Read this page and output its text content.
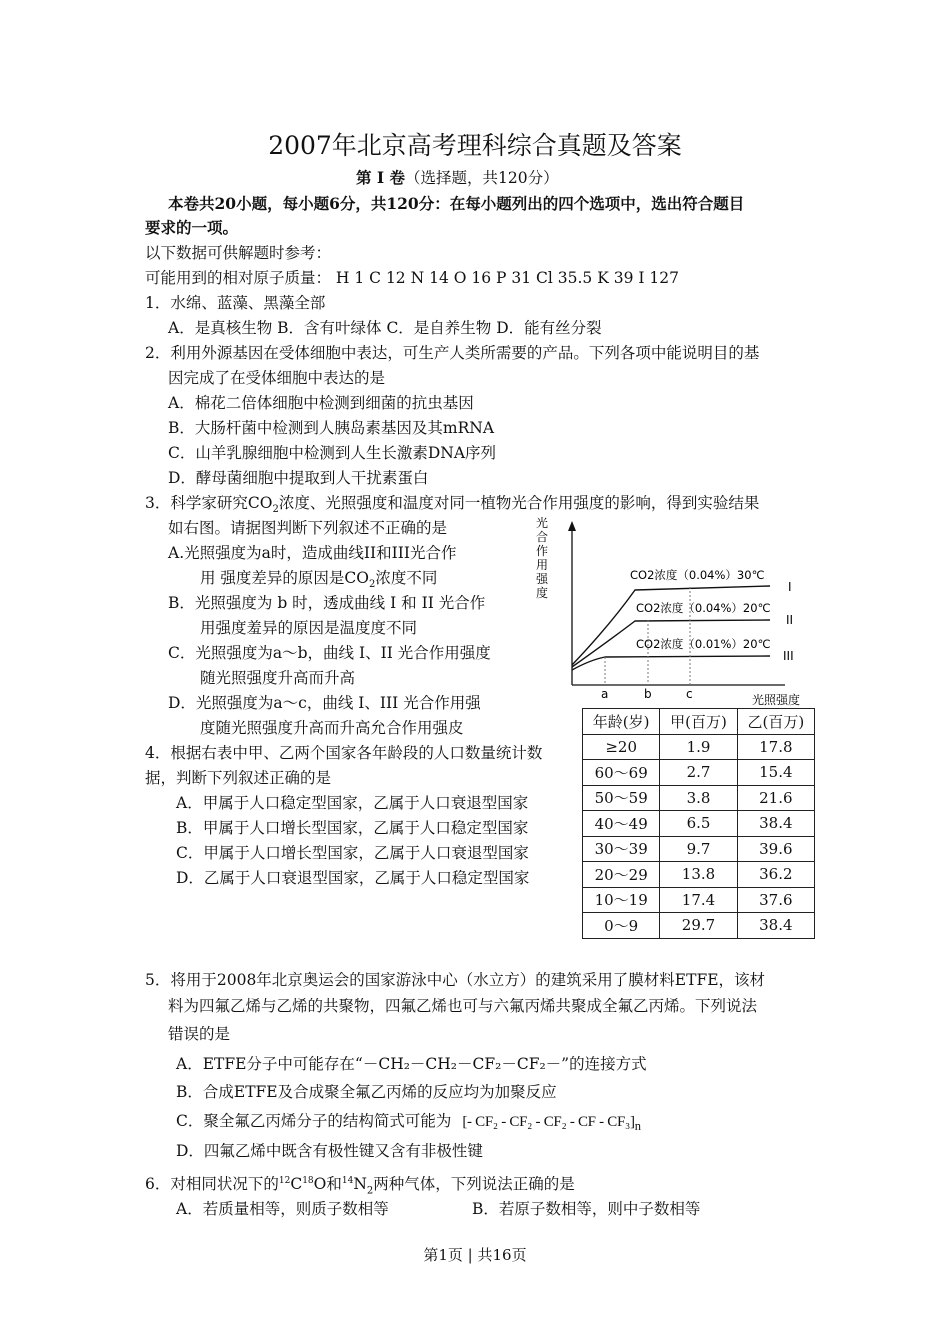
2007年北京高考理科综合真题及答案
第 I 卷（选择题，共120分）
本卷共20小题，每小题6分，共120分：在每小题列出的四个选项中，选出符合题目
要求的一项。
以下数据可供解题时参考：
可能用到的相对原子质量： H 1 C 12 N 14 O 16 P 31 Cl 35.5 K 39 I 127
1．水绵、蓝藻、黑藻全部
A．是真核生物 B．含有叶绿体 C．是自养生物 D．能有丝分裂
2．利用外源基因在受体细胞中表达，可生产人类所需要的产品。下列各项中能说明目的基
因完成了在受体细胞中表达的是
A．棉花二倍体细胞中检测到细菌的抗虫基因
B．大肠杆菌中检测到人胰岛素基因及其mRNA
C．山羊乳腺细胞中检测到人生长激素DNA序列
D．酵母菌细胞中提取到人干扰素蛋白
3．科学家研究$CO_2$浓度、光照强度和温度对同一植物光合作用强度的影响，得到实验结果
如右图。请据图判断下列叙述不正确的是
A.光照强度为a时，造成曲线II和III光合作
用 强度差异的原因是$CO_2$浓度不同
B．光照强度为 b 时，透成曲线 I 和 II 光合作
用强度羞异的原因是温度度不同
C．光照强度为a～b，曲线 I、II 光合作用强度
随光照强度升高而升高
D．光照强度为a～c，曲线 I、III 光合作用强
度随光照强度升高而升高允合作用强皮
光合作用强度
CO2浓度（0.04%）30℃
CO2浓度（0.04%）20℃
CO2浓度（0.01%）20℃
I
II
III
a	b	c	光照强度
4．根据右表中甲、乙两个国家各年龄段的人口数量统计数
据，判断下列叙述正确的是
A．甲属于人口稳定型国家，乙属于人口衰退型国家
B．甲属于人口增长型国家，乙属于人口稳定型国家
C．甲属于人口增长型国家，乙属于人口衰退型国家
D．乙属于人口衰退型国家，乙属于人口稳定型国家
年龄(岁)	甲(百万)	乙(百万)
≥20	1.9	17.8
60～69	2.7	15.4
50～59	3.8	21.6
40～49	6.5	38.4
30～39	9.7	39.6
20～29	13.8	36.2
10～19	17.4	37.6
0～9	29.7	38.4
5．将用于2008年北京奥运会的国家游泳中心（水立方）的建筑采用了膜材料ETFE，该材
料为四氟乙烯与乙烯的共聚物，四氟乙烯也可与六氟丙烯共聚成全氟乙丙烯。下列说法
错误的是
A．ETFE分子中可能存在“－CH₂－CH₂－CF₂－CF₂－”的连接方式
B．合成ETFE及合成聚全氟乙丙烯的反应均为加聚反应
C．聚全氟乙丙烯分子的结构简式可能为 [- CF₂ - CF₂ - CF₂ - CF - $CF_3]_n$
D．四氟乙烯中既含有极性键又含有非极性键
6．对相同状况下的$^{12}C^{18}O$和$^{14}N_2$两种气体，下列说法正确的是
A．若质量相等，则质子数相等	B．若原子数相等，则中子数相等
第1页 | 共16页
